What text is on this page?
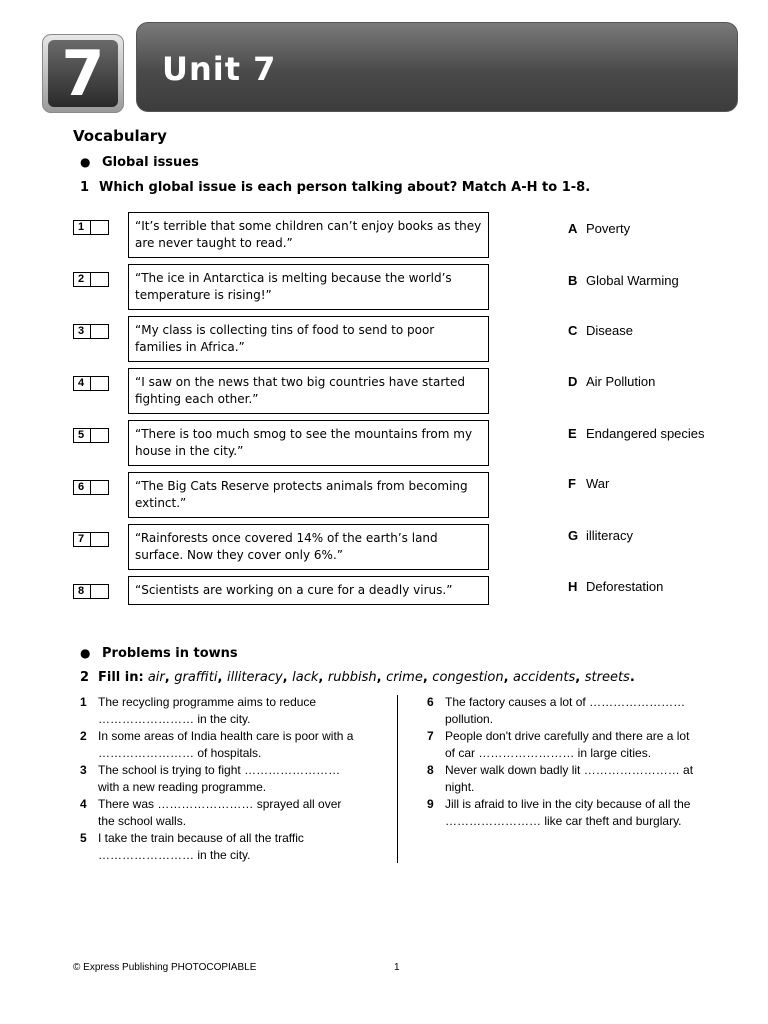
7	Unit 7
Vocabulary
● Global issues
1 Which global issue is each person talking about? Match A-H to 1-8.
1	“It’s terrible that some children can’t enjoy books as they are never taught to read.”
2	“The ice in Antarctica is melting because the world’s temperature is rising!”
3	“My class is collecting tins of food to send to poor families in Africa.”
4	“I saw on the news that two big countries have started fighting each other.”
5	“There is too much smog to see the mountains from my house in the city.”
6	“The Big Cats Reserve protects animals from becoming extinct.”
7	“Rainforests once covered 14% of the earth’s land surface. Now they cover only 6%.”
8	“Scientists are working on a cure for a deadly virus.”
A Poverty
B Global Warming
C Disease
D Air Pollution
E Endangered species
F War
G illiteracy
H Deforestation
● Problems in towns
2 Fill in: air, graffiti, illiteracy, lack, rubbish, crime, congestion, accidents, streets.
1 The recycling programme aims to reduce
…………………… in the city.
2 In some areas of India health care is poor with a
…………………… of hospitals.
3 The school is trying to fight ……………………
with a new reading programme.
4 There was …………………… sprayed all over
the school walls.
5 I take the train because of all the traffic
…………………… in the city.
6 The factory causes a lot of ……………………
pollution.
7 People don't drive carefully and there are a lot
of car …………………… in large cities.
8 Never walk down badly lit …………………… at
night.
9 Jill is afraid to live in the city because of all the
…………………… like car theft and burglary.
© Express Publishing PHOTOCOPIABLE	1
